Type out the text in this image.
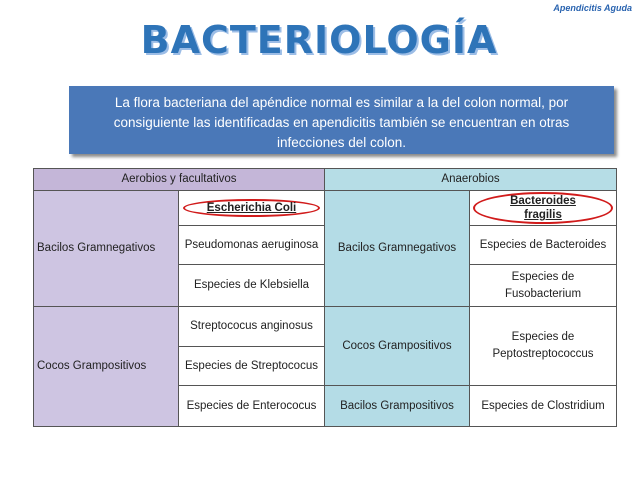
Apendicitis Aguda
BACTERIOLOGÍA
La flora bacteriana del apéndice normal es similar a la del colon normal, por consiguiente las identificadas en apendicitis también se encuentran en otras infecciones del colon.
Aerobios y facultativos		Anaerobios	
Bacilos Gramnegativos	Escherichia Coli	Bacilos Gramnegativos	Bacteroides fragilis
	Pseudomonas aeruginosa		Especies de Bacteroides
	Especies de Klebsiella		Especies de Fusobacterium
Cocos Grampositivos	Streptococus anginosus	Cocos Grampositivos	Especies de Peptostreptococcus
	Especies de Streptococus		
	Especies de Enterococus	Bacilos Grampositivos	Especies de Clostridium
